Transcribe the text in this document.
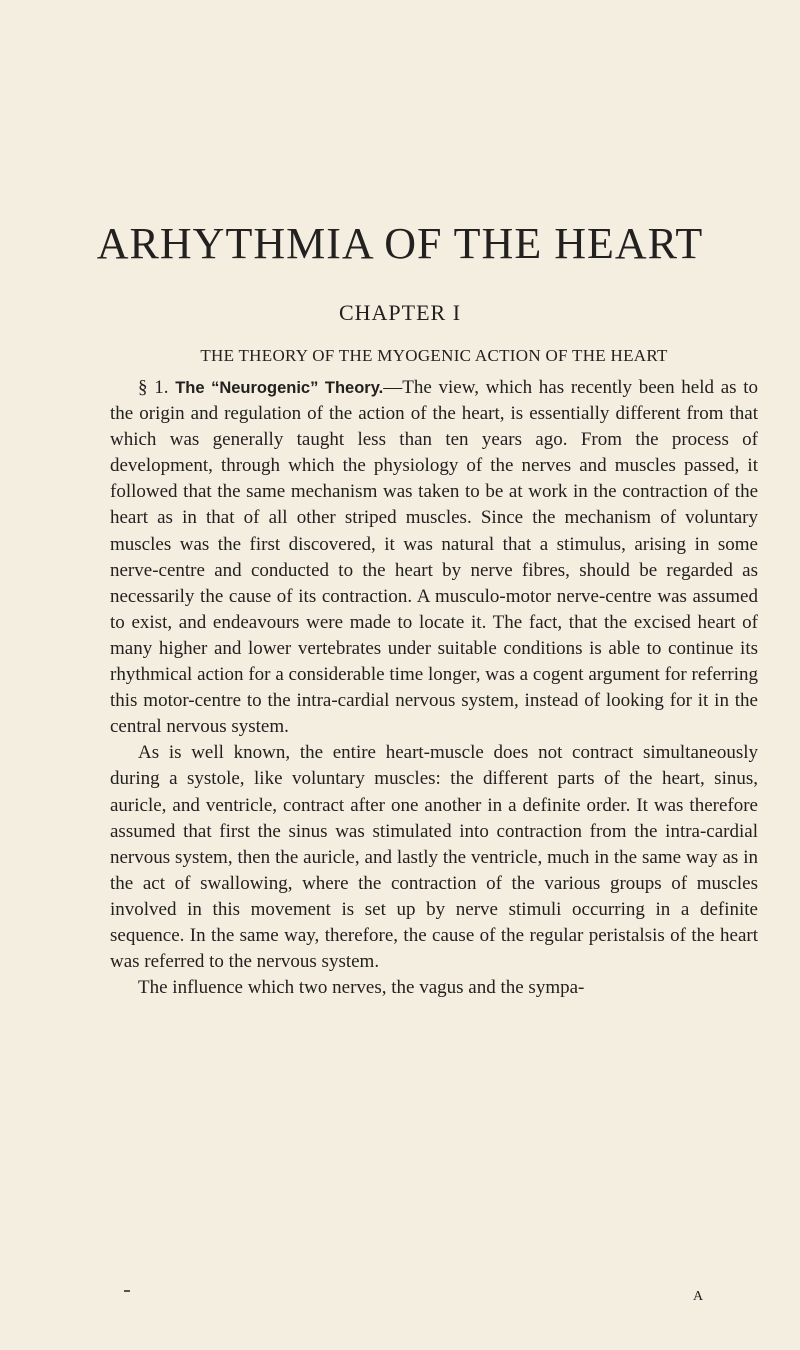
ARHYTHMIA OF THE HEART
CHAPTER I
THE THEORY OF THE MYOGENIC ACTION OF THE HEART

§ 1. The “Neurogenic” Theory.—The view, which has recently been held as to the origin and regulation of the action of the heart, is essentially different from that which was generally taught less than ten years ago. From the process of development, through which the physiology of the nerves and muscles passed, it followed that the same mechanism was taken to be at work in the contraction of the heart as in that of all other striped muscles. Since the mechanism of voluntary muscles was the first discovered, it was natural that a stimulus, arising in some nerve-centre and conducted to the heart by nerve fibres, should be regarded as necessarily the cause of its contraction. A musculo-motor nerve-centre was assumed to exist, and endeavours were made to locate it. The fact, that the excised heart of many higher and lower vertebrates under suitable conditions is able to continue its rhythmical action for a considerable time longer, was a cogent argument for referring this motor-centre to the intra-cardial nervous system, instead of looking for it in the central nervous system.

As is well known, the entire heart-muscle does not contract simultaneously during a systole, like voluntary muscles: the different parts of the heart, sinus, auricle, and ventricle, contract after one another in a definite order. It was therefore assumed that first the sinus was stimulated into contraction from the intra-cardial nervous system, then the auricle, and lastly the ventricle, much in the same way as in the act of swallowing, where the contraction of the various groups of muscles involved in this movement is set up by nerve stimuli occurring in a definite sequence. In the same way, therefore, the cause of the regular peristalsis of the heart was referred to the nervous system.

The influence which two nerves, the vagus and the sympa-

A
